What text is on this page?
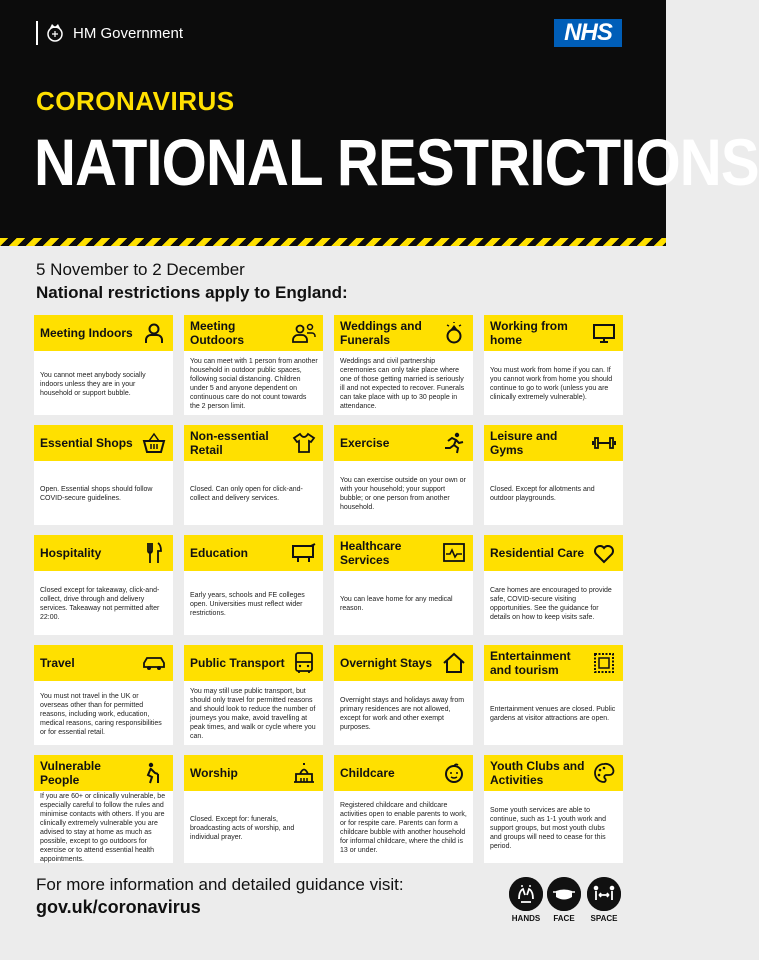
HM Government	NHS
CORONAVIRUS
NATIONAL RESTRICTIONS
5 November to 2 December
National restrictions apply to England:
Meeting Indoors
You cannot meet anybody socially indoors unless they are in your household or support bubble.
Meeting Outdoors
You can meet with 1 person from another household in outdoor public spaces, following social distancing. Children under 5 and anyone dependent on continuous care do not count towards the 2 person limit.
Weddings and Funerals
Weddings and civil partnership ceremonies can only take place where one of those getting married is seriously ill and not expected to recover. Funerals can take place with up to 30 people in attendance.
Working from home
You must work from home if you can. If you cannot work from home you should continue to go to work (unless you are clinically extremely vulnerable).
Essential Shops
Open. Essential shops should follow COVID-secure guidelines.
Non-essential Retail
Closed. Can only open for click-and-collect and delivery services.
Exercise
You can exercise outside on your own or with your household; your support bubble; or one person from another household.
Leisure and Gyms
Closed. Except for allotments and outdoor playgrounds.
Hospitality
Closed except for takeaway, click-and-collect, drive through and delivery services. Takeaway not permitted after 22:00.
Education
Early years, schools and FE colleges open. Universities must reflect wider restrictions.
Healthcare Services
You can leave home for any medical reason.
Residential Care
Care homes are encouraged to provide safe, COVID-secure visiting opportunities. See the guidance for details on how to keep visits safe.
Travel
You must not travel in the UK or overseas other than for permitted reasons, including work, education, medical reasons, caring responsibilities or for essential retail.
Public Transport
You may still use public transport, but should only travel for permitted reasons and should look to reduce the number of journeys you make, avoid travelling at peak times, and walk or cycle where you can.
Overnight Stays
Overnight stays and holidays away from primary residences are not allowed, except for work and other exempt purposes.
Entertainment and tourism
Entertainment venues are closed. Public gardens at visitor attractions are open.
Vulnerable People
If you are 60+ or clinically vulnerable, be especially careful to follow the rules and minimise contacts with others. If you are clinically extremely vulnerable you are advised to stay at home as much as possible, except to go outdoors for exercise or to attend essential health appointments.
Worship
Closed. Except for: funerals, broadcasting acts of worship, and individual prayer.
Childcare
Registered childcare and childcare activities open to enable parents to work, or for respite care. Parents can form a childcare bubble with another household for informal childcare, where the child is 13 or under.
Youth Clubs and Activities
Some youth services are able to continue, such as 1-1 youth work and support groups, but most youth clubs and groups will need to cease for this period.
For more information and detailed guidance visit:
gov.uk/coronavirus
HANDS	FACE	SPACE
